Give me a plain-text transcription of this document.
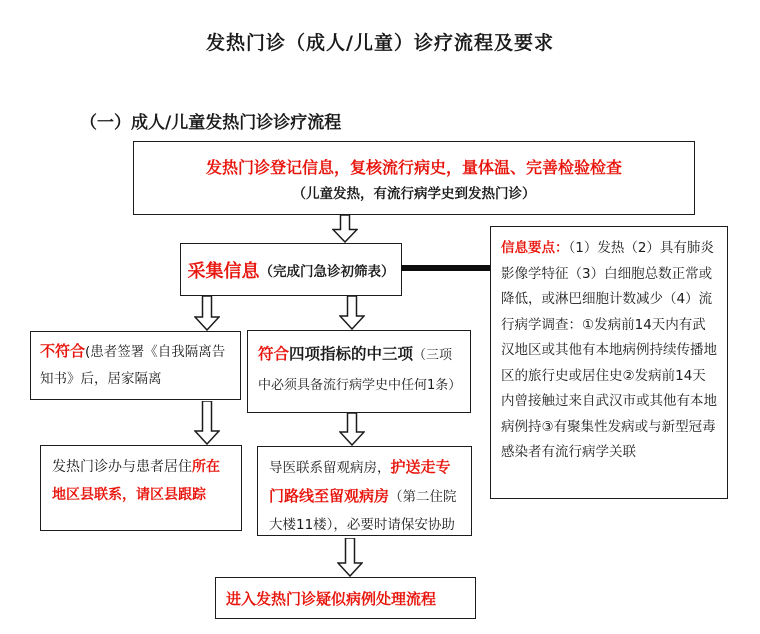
发热门诊（成人/儿童）诊疗流程及要求
（一）成人/儿童发热门诊诊疗流程
发热门诊登记信息，复核流行病史，量体温、完善检验检查
（儿童发热，有流行病学史到发热门诊）
采集信息 （完成门急诊初筛表）
信息要点：（1）发热（2）具有肺炎影像学特征（3）白细胞总数正常或降低，或淋巴细胞计数减少（4）流行病学调查：①发病前14天内有武汉地区或其他有本地病例持续传播地区的旅行史或居住史②发病前14天内曾接触过来自武汉市或其他有本地病例持③有聚集性发病或与新型冠毒感染者有流行病学关联
不符合(患者签署《自我隔离告知书》后，居家隔离
符合四项指标的中三项（三项中必须具备流行病学史中任何1条）
发热门诊办与患者居住所在地区县联系，请区县跟踪
导医联系留观病房，护送走专门路线至留观病房（第二住院大楼11楼），必要时请保安协助
进入发热门诊疑似病例处理流程
